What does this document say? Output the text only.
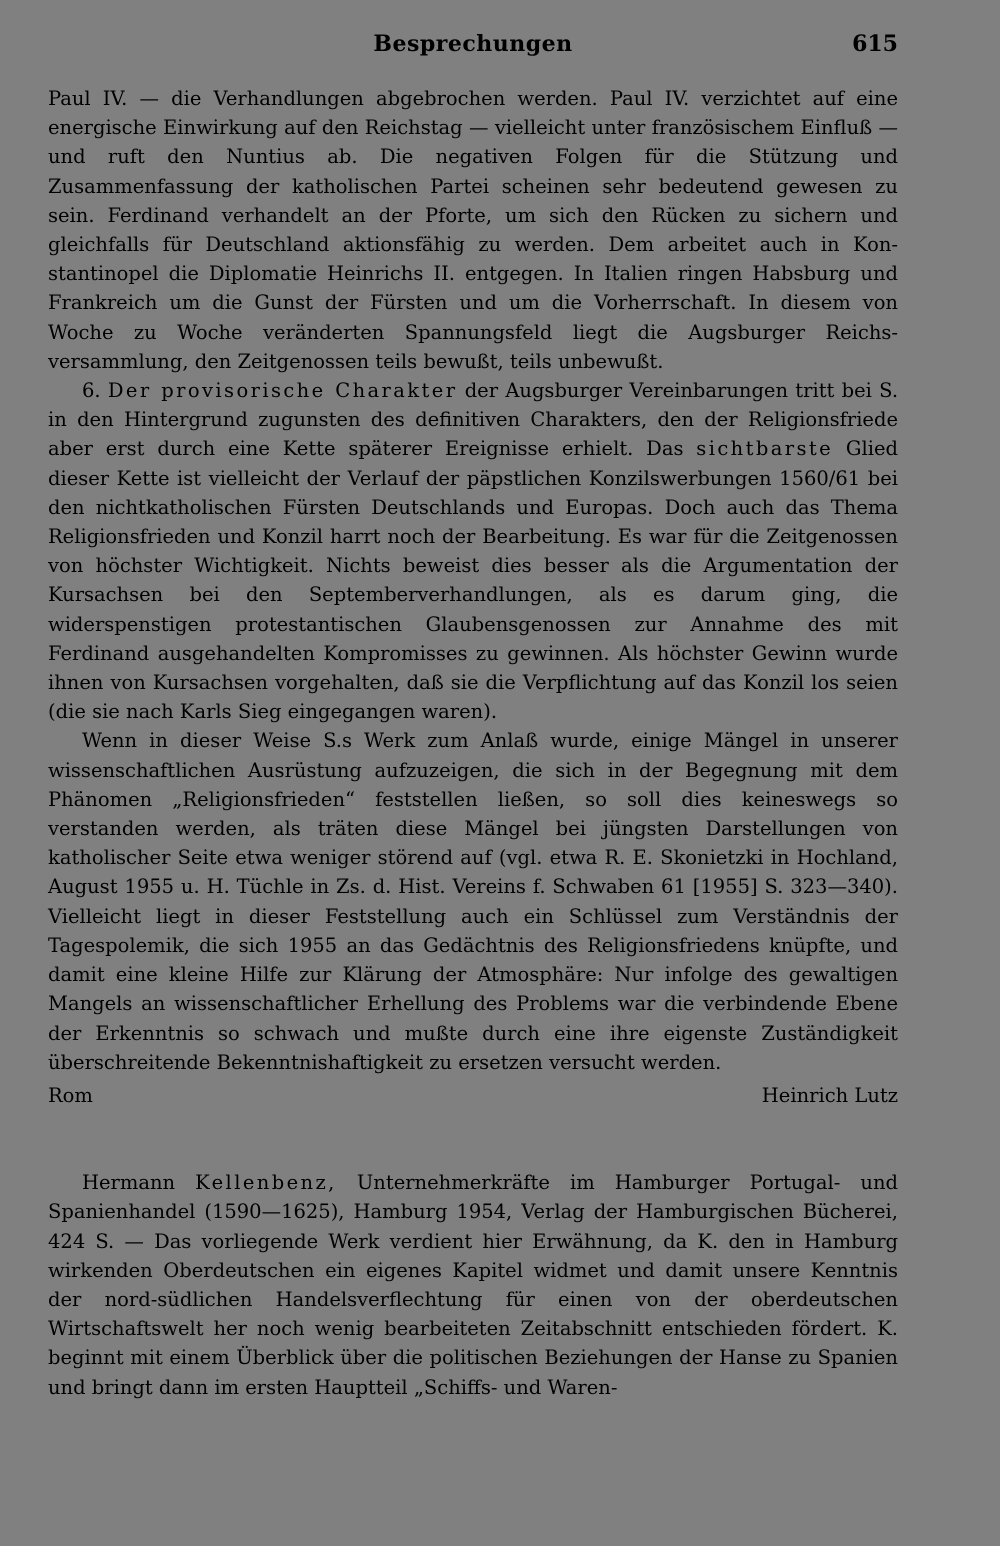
Besprechungen	615

Paul IV. — die Verhandlungen abgebrochen werden. Paul IV. verzichtet auf eine energische Einwirkung auf den Reichstag — vielleicht unter französischem Einfluß — und ruft den Nuntius ab. Die negativen Folgen für die Stützung und Zusammenfassung der katholischen Partei scheinen sehr bedeutend gewesen zu sein. Ferdinand verhandelt an der Pforte, um sich den Rücken zu sichern und gleichfalls für Deutschland aktionsfähig zu werden. Dem arbeitet auch in Konstantinopel die Diplomatie Heinrichs II. entgegen. In Italien ringen Habsburg und Frankreich um die Gunst der Fürsten und um die Vorherrschaft. In diesem von Woche zu Woche veränderten Spannungsfeld liegt die Augsburger Reichsversammlung, den Zeitgenossen teils bewußt, teils unbewußt.

6. Der provisorische Charakter der Augsburger Vereinbarungen tritt bei S. in den Hintergrund zugunsten des definitiven Charakters, den der Religionsfriede aber erst durch eine Kette späterer Ereignisse erhielt. Das sichtbarste Glied dieser Kette ist vielleicht der Verlauf der päpstlichen Konzilswerbungen 1560/61 bei den nichtkatholischen Fürsten Deutschlands und Europas. Doch auch das Thema Religionsfrieden und Konzil harrt noch der Bearbeitung. Es war für die Zeitgenossen von höchster Wichtigkeit. Nichts beweist dies besser als die Argumentation der Kursachsen bei den Septemberverhandlungen, als es darum ging, die widerspenstigen protestantischen Glaubensgenossen zur Annahme des mit Ferdinand ausgehandelten Kompromisses zu gewinnen. Als höchster Gewinn wurde ihnen von Kursachsen vorgehalten, daß sie die Verpflichtung auf das Konzil los seien (die sie nach Karls Sieg eingegangen waren).

Wenn in dieser Weise S.s Werk zum Anlaß wurde, einige Mängel in unserer wissenschaftlichen Ausrüstung aufzuzeigen, die sich in der Begegnung mit dem Phänomen „Religionsfrieden“ feststellen ließen, so soll dies keineswegs so verstanden werden, als träten diese Mängel bei jüngsten Darstellungen von katholischer Seite etwa weniger störend auf (vgl. etwa R. E. Skonietzki in Hochland, August 1955 u. H. Tüchle in Zs. d. Hist. Vereins f. Schwaben 61 [1955] S. 323—340). Vielleicht liegt in dieser Feststellung auch ein Schlüssel zum Verständnis der Tagespolemik, die sich 1955 an das Gedächtnis des Religionsfriedens knüpfte, und damit eine kleine Hilfe zur Klärung der Atmosphäre: Nur infolge des gewaltigen Mangels an wissenschaftlicher Erhellung des Problems war die verbindende Ebene der Erkenntnis so schwach und mußte durch eine ihre eigenste Zuständigkeit überschreitende Bekenntnishaftigkeit zu ersetzen versucht werden.

Rom	Heinrich Lutz

Hermann Kellenbenz, Unternehmerkräfte im Hamburger Portugal- und Spanienhandel (1590—1625), Hamburg 1954, Verlag der Hamburgischen Bücherei, 424 S. — Das vorliegende Werk verdient hier Erwähnung, da K. den in Hamburg wirkenden Oberdeutschen ein eigenes Kapitel widmet und damit unsere Kenntnis der nord-südlichen Handelsverflechtung für einen von der oberdeutschen Wirtschaftswelt her noch wenig bearbeiteten Zeitabschnitt entschieden fördert. K. beginnt mit einem Überblick über die politischen Beziehungen der Hanse zu Spanien und bringt dann im ersten Hauptteil „Schiffs- und Waren-
